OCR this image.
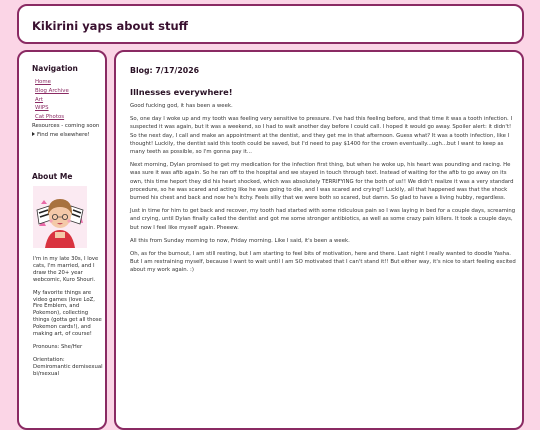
Kikirini yaps about stuff
Navigation
Home
Blog Archive
Art
WIPS
Cat Photos
Resources - coming soon
Find me elsewhere!
About Me

I'm in my late 30s, I love cats, I'm married, and I draw the 20+ year webcomic, Kuro Shouri.

My favorite things are video games (love LoZ, Fire Emblem, and Pokemon), collecting things (gotta get all those Pokemon cards!), and making art, of course!

Pronouns: She/Her

Orientation: Demiromantic demisexual bi/rsexual

Blog: 7/17/2026
Illnesses everywhere!

Good fucking god, it has been a week.

So, one day I woke up and my tooth was feeling very sensitive to pressure. I've had this feeling before, and that time it was a tooth infection. I suspected it was again, but it was a weekend, so I had to wait another day before I could call. I hoped it would go away. Spoiler alert: it didn't! So the next day, I call and make an appointment at the dentist, and they get me in that afternoon. Guess what? It was a tooth infection, like I thought! Luckily, the dentist said this tooth could be saved, but I'd need to pay $1400 for the crown eventually...ugh...but I want to keep as many teeth as possible, so I'm gonna pay it...

Next morning, Dylan promised to get my medication for the infection first thing, but when he woke up, his heart was pounding and racing. He was sure it was afib again. So he ran off to the hospital and we stayed in touch through text. Instead of waiting for the afib to go away on its own, this time heport they did his heart shocked, which was absolutely TERRIFYING for the both of us!! We didn't realize it was a very standard procedure, so he was scared and acting like he was going to die, and I was scared and crying!! Luckily, all that happened was that the shock burned his chest and back and now he's itchy. Feels silly that we were both so scared, but damn. So glad to have a living hubby, regardless.

Just in time for him to get back and recover, my tooth had started with some ridiculous pain so I was laying in bed for a couple days, screaming and crying, until Dylan finally called the dentist and got me some stronger antibiotics, as well as some crazy pain killers. It took a couple days, but now I feel like myself again. Pheeew.

All this from Sunday morning to now, Friday morning. Like I said, it's been a week.

Oh, as for the burnout, I am still resting, but I am starting to feel bits of motivation, here and there. Last night I really wanted to doodle Yasha. But I am restraining myself, because I want to wait until I am SO motivated that I can't stand it!! But either way, it's nice to start feeling excited about my work again. :)
